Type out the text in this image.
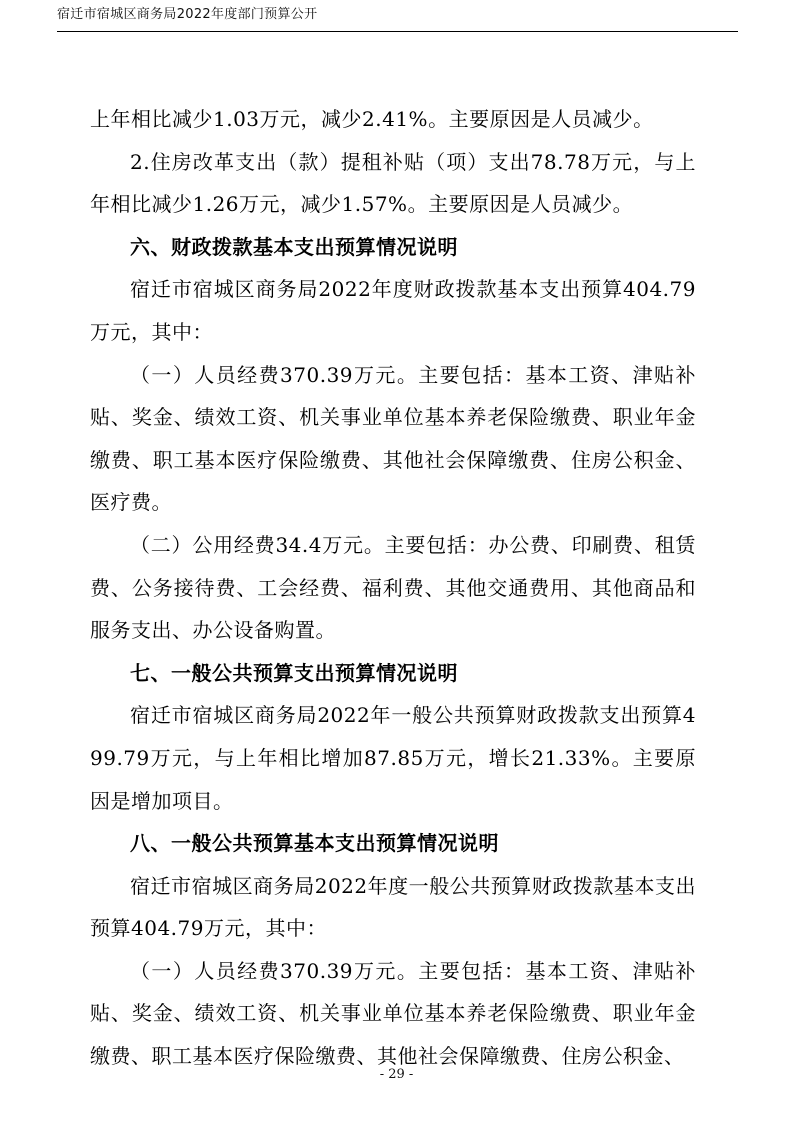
宿迁市宿城区商务局2022年度部门预算公开

上年相比减少1.03万元，减少2.41%。主要原因是人员减少。

2.住房改革支出（款）提租补贴（项）支出78.78万元，与上年相比减少1.26万元，减少1.57%。主要原因是人员减少。

六、财政拨款基本支出预算情况说明

宿迁市宿城区商务局2022年度财政拨款基本支出预算404.79万元，其中：

（一）人员经费370.39万元。主要包括：基本工资、津贴补贴、奖金、绩效工资、机关事业单位基本养老保险缴费、职业年金缴费、职工基本医疗保险缴费、其他社会保障缴费、住房公积金、医疗费。

（二）公用经费34.4万元。主要包括：办公费、印刷费、租赁费、公务接待费、工会经费、福利费、其他交通费用、其他商品和服务支出、办公设备购置。

七、一般公共预算支出预算情况说明

宿迁市宿城区商务局2022年一般公共预算财政拨款支出预算499.79万元，与上年相比增加87.85万元，增长21.33%。主要原因是增加项目。

八、一般公共预算基本支出预算情况说明

宿迁市宿城区商务局2022年度一般公共预算财政拨款基本支出预算404.79万元，其中：

（一）人员经费370.39万元。主要包括：基本工资、津贴补贴、奖金、绩效工资、机关事业单位基本养老保险缴费、职业年金缴费、职工基本医疗保险缴费、其他社会保障缴费、住房公积金、

- 29 -
